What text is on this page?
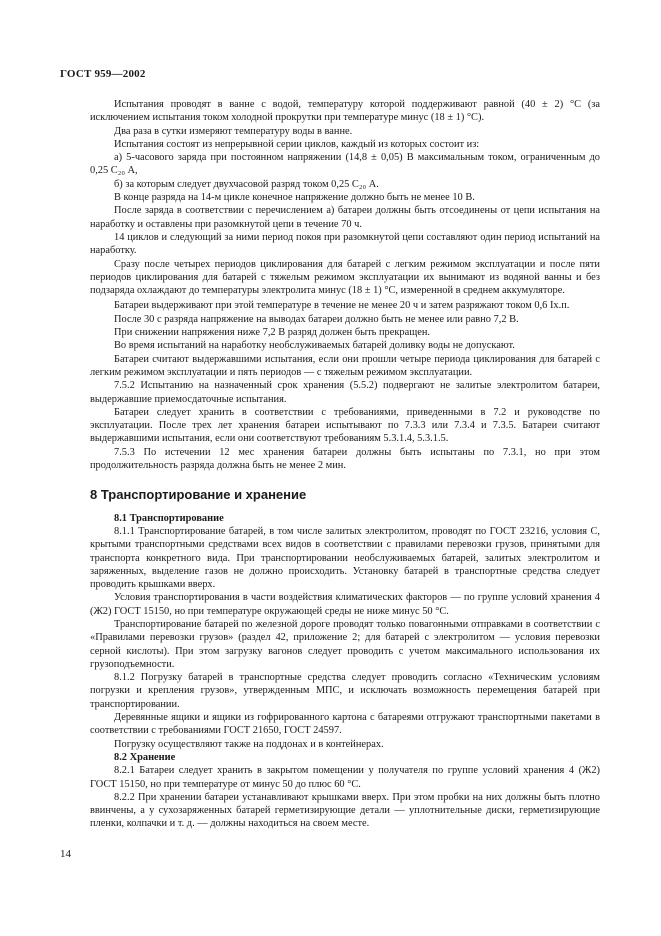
ГОСТ 959—2002

Испытания проводят в ванне с водой, температуру которой поддерживают равной (40 ± 2) °С (за исключением испытания током холодной прокрутки при температуре минус (18 ± 1) °С).

Два раза в сутки измеряют температуру воды в ванне.

Испытания состоят из непрерывной серии циклов, каждый из которых состоит из:

а) 5-часового заряда при постоянном напряжении (14,8 ± 0,05) В максимальным током, ограниченным до 0,25 C₂₀ А,

б) за которым следует двухчасовой разряд током 0,25 C₂₀ А.

В конце разряда на 14-м цикле конечное напряжение должно быть не менее 10 В.

После заряда в соответствии с перечислением а) батареи должны быть отсоединены от цепи испытания на наработку и оставлены при разомкнутой цепи в течение 70 ч.

14 циклов и следующий за ними период покоя при разомкнутой цепи составляют один период испытаний на наработку.

Сразу после четырех периодов циклирования для батарей с легким режимом эксплуатации и после пяти периодов циклирования для батарей с тяжелым режимом эксплуатации их вынимают из водяной ванны и без подзаряда охлаждают до температуры электролита минус (18 ± 1) °С, измеренной в среднем аккумуляторе.

Батареи выдерживают при этой температуре в течение не менее 20 ч и затем разряжают током 0,6 Iх.п.

После 30 с разряда напряжение на выводах батареи должно быть не менее или равно 7,2 В.

При снижении напряжения ниже 7,2 В разряд должен быть прекращен.

Во время испытаний на наработку необслуживаемых батарей доливку воды не допускают.

Батареи считают выдержавшими испытания, если они прошли четыре периода циклирования для батарей с легким режимом эксплуатации и пять периодов — с тяжелым режимом эксплуатации.

7.5.2 Испытанию на назначенный срок хранения (5.5.2) подвергают не залитые электролитом батареи, выдержавшие приемосдаточные испытания.

Батареи следует хранить в соответствии с требованиями, приведенными в 7.2 и руководстве по эксплуатации. После трех лет хранения батареи испытывают по 7.3.3 или 7.3.4 и 7.3.5. Батареи считают выдержавшими испытания, если они соответствуют требованиям 5.3.1.4, 5.3.1.5.

7.5.3 По истечении 12 мес хранения батареи должны быть испытаны по 7.3.1, но при этом продолжительность разряда должна быть не менее 2 мин.

8 Транспортирование и хранение

8.1 Транспортирование

8.1.1 Транспортирование батарей, в том числе залитых электролитом, проводят по ГОСТ 23216, условия С, крытыми транспортными средствами всех видов в соответствии с правилами перевозки грузов, принятыми для транспорта конкретного вида. При транспортировании необслуживаемых батарей, залитых электролитом и заряженных, выделение газов не должно происходить. Установку батарей в транспортные средства следует проводить крышками вверх.

Условия транспортирования в части воздействия климатических факторов — по группе условий хранения 4 (Ж2) ГОСТ 15150, но при температуре окружающей среды не ниже минус 50 °С.

Транспортирование батарей по железной дороге проводят только повагонными отправками в соответствии с «Правилами перевозки грузов» (раздел 42, приложение 2; для батарей с электролитом — условия перевозки серной кислоты). При этом загрузку вагонов следует проводить с учетом максимального использования их грузоподъемности.

8.1.2 Погрузку батарей в транспортные средства следует проводить согласно «Техническим условиям погрузки и крепления грузов», утвержденным МПС, и исключать возможность перемещения батарей при транспортировании.

Деревянные ящики и ящики из гофрированного картона с батареями отгружают транспортными пакетами в соответствии с требованиями ГОСТ 21650, ГОСТ 24597.

Погрузку осуществляют также на поддонах и в контейнерах.

8.2 Хранение

8.2.1 Батареи следует хранить в закрытом помещении у получателя по группе условий хранения 4 (Ж2) ГОСТ 15150, но при температуре от минус 50 до плюс 60 °С.

8.2.2 При хранении батареи устанавливают крышками вверх. При этом пробки на них должны быть плотно ввинчены, а у сухозаряженных батарей герметизирующие детали — уплотнительные диски, герметизирующие пленки, колпачки и т. д. — должны находиться на своем месте.

14
